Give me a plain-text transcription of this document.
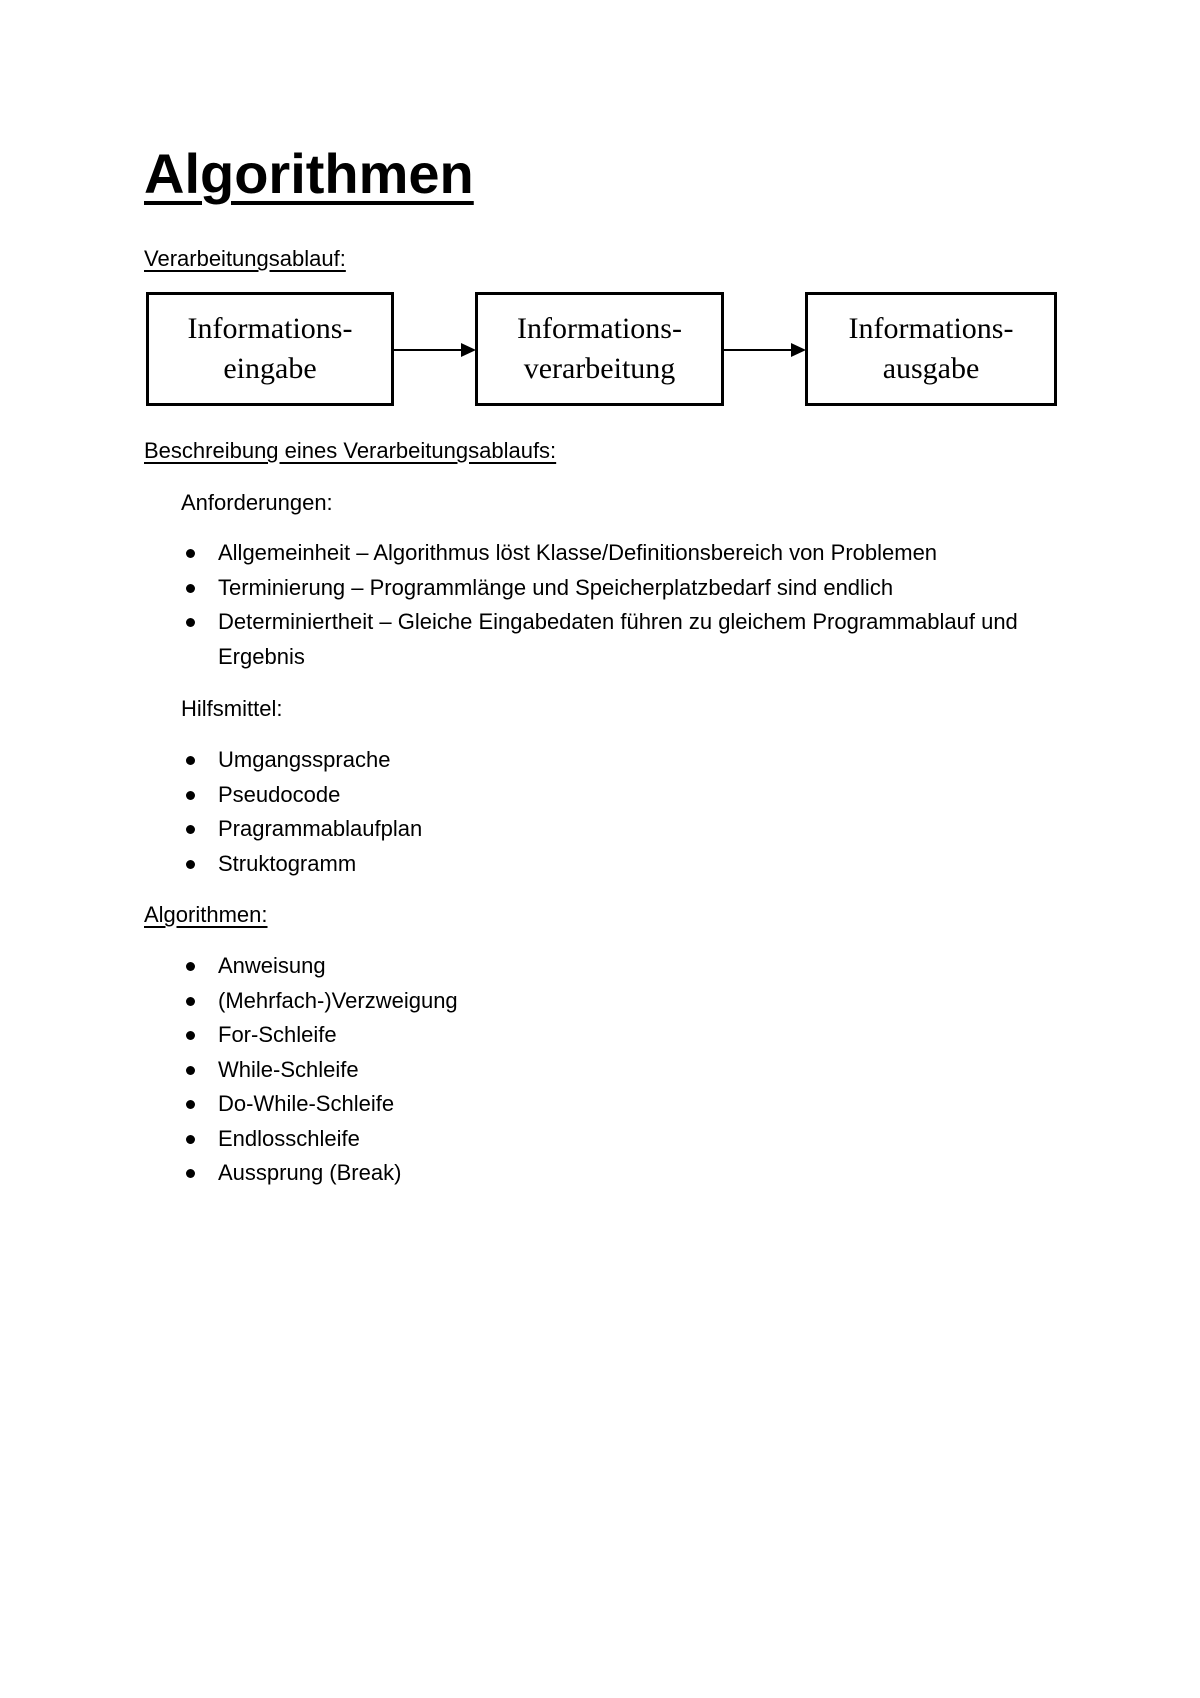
Algorithmen

Verarbeitungsablauf:

Informations-
eingabe
Informations-
verarbeitung
Informations-
ausgabe

Beschreibung eines Verarbeitungsablaufs:

Anforderungen:

Allgemeinheit – Algorithmus löst Klasse/Definitionsbereich von Problemen
Terminierung – Programmlänge und Speicherplatzbedarf sind endlich
Determiniertheit – Gleiche Eingabedaten führen zu gleichem Programmablauf und Ergebnis

Hilfsmittel:

Umgangssprache
Pseudocode
Pragrammablaufplan
Struktogramm

Algorithmen:

Anweisung
(Mehrfach-)Verzweigung
For-Schleife
While-Schleife
Do-While-Schleife
Endlosschleife
Aussprung (Break)
